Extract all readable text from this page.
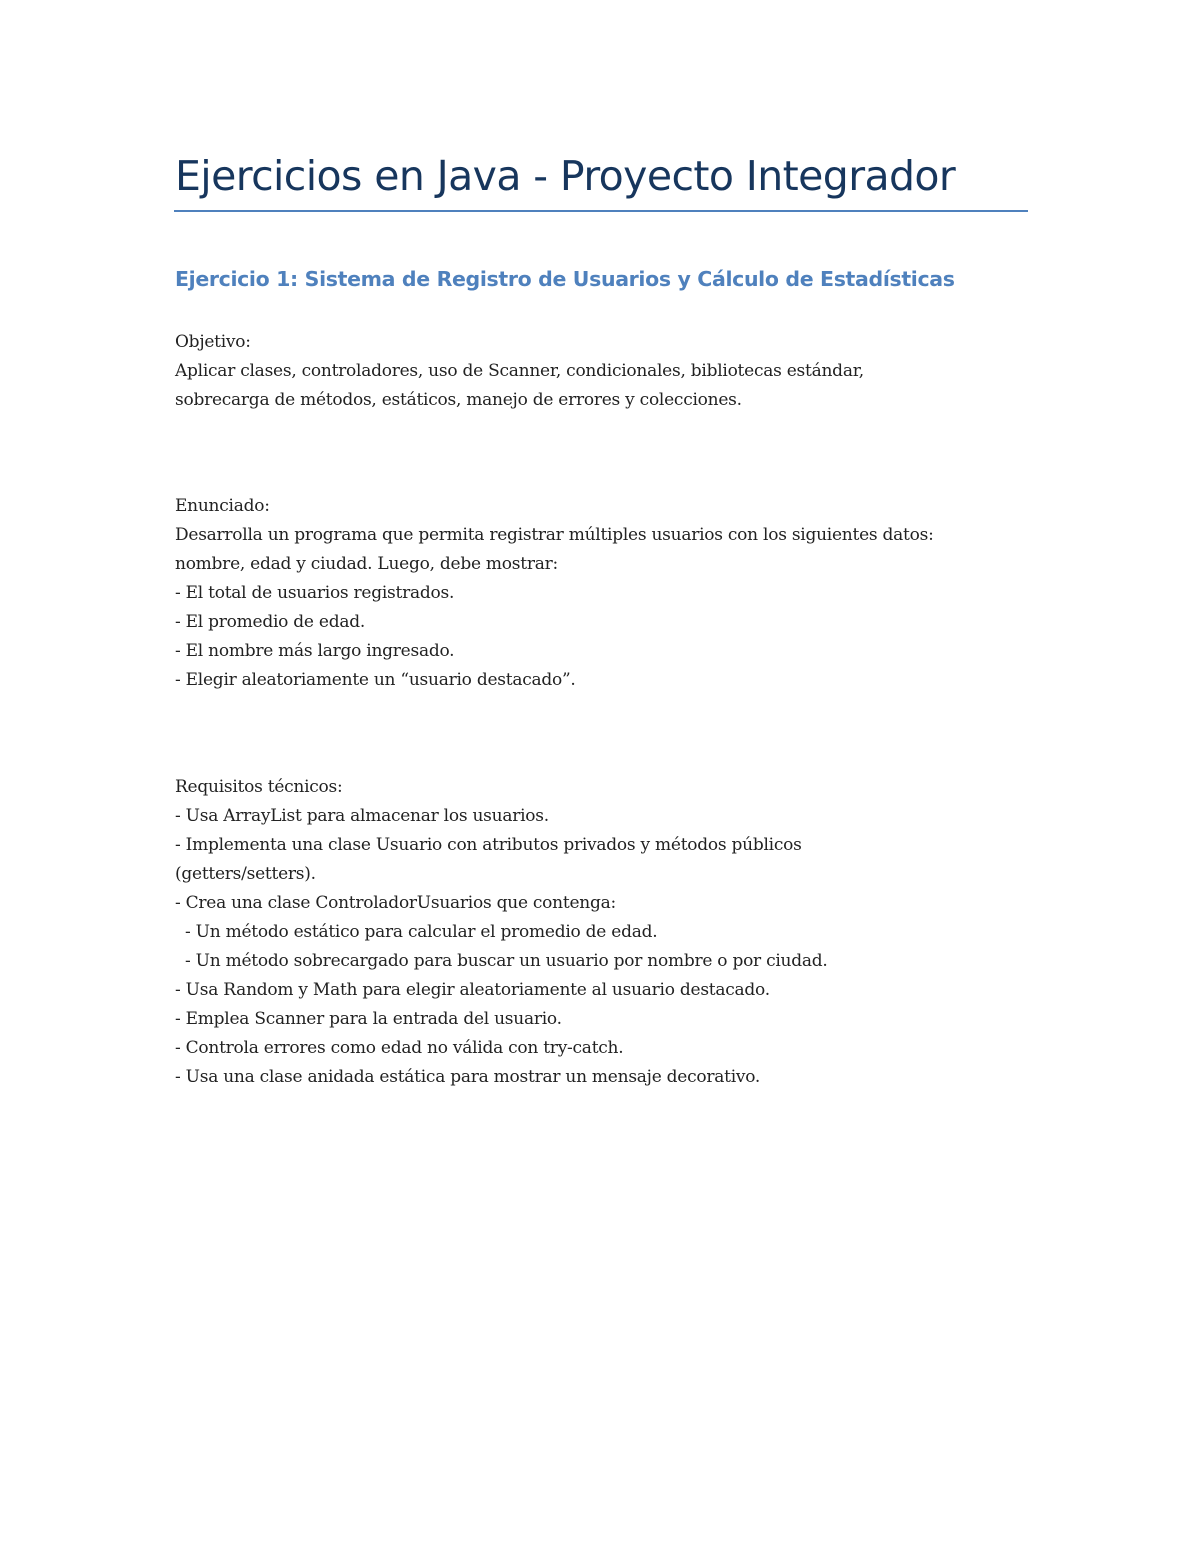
Ejercicios en Java - Proyecto Integrador
Ejercicio 1: Sistema de Registro de Usuarios y Cálculo de Estadísticas
Objetivo:
Aplicar clases, controladores, uso de Scanner, condicionales, bibliotecas estándar,
sobrecarga de métodos, estáticos, manejo de errores y colecciones.
Enunciado:
Desarrolla un programa que permita registrar múltiples usuarios con los siguientes datos:
nombre, edad y ciudad. Luego, debe mostrar:
- El total de usuarios registrados.
- El promedio de edad.
- El nombre más largo ingresado.
- Elegir aleatoriamente un “usuario destacado”.
Requisitos técnicos:
- Usa ArrayList para almacenar los usuarios.
- Implementa una clase Usuario con atributos privados y métodos públicos
(getters/setters).
- Crea una clase ControladorUsuarios que contenga:
- Un método estático para calcular el promedio de edad.
- Un método sobrecargado para buscar un usuario por nombre o por ciudad.
- Usa Random y Math para elegir aleatoriamente al usuario destacado.
- Emplea Scanner para la entrada del usuario.
- Controla errores como edad no válida con try-catch.
- Usa una clase anidada estática para mostrar un mensaje decorativo.
